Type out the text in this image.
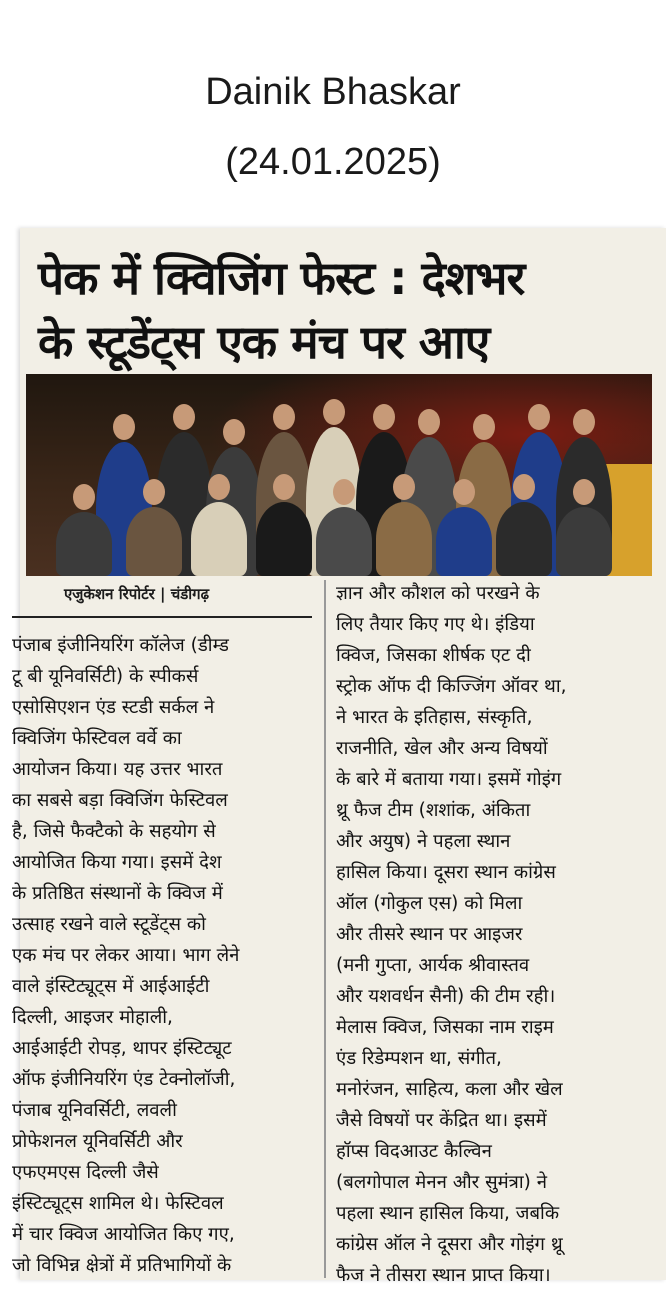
Dainik Bhaskar
(24.01.2025)
पेक में क्विजिंग फेस्ट : देशभर
के स्टूडेंट्स एक मंच पर आए
एजुकेशन रिपोर्टर | चंडीगढ़
पंजाब इंजीनियरिंग कॉलेज (डीम्ड
टू बी यूनिवर्सिटी) के स्पीकर्स
एसोसिएशन एंड स्टडी सर्कल ने
क्विजिंग फेस्टिवल वर्वे का
आयोजन किया। यह उत्तर भारत
का सबसे बड़ा क्विजिंग फेस्टिवल
है, जिसे फैक्टैको के सहयोग से
आयोजित किया गया। इसमें देश
के प्रतिष्ठित संस्थानों के क्विज में
उत्साह रखने वाले स्टूडेंट्स को
एक मंच पर लेकर आया। भाग लेने
वाले इंस्टिट्यूट्स में आईआईटी
दिल्ली, आइजर मोहाली,
आईआईटी रोपड़, थापर इंस्टिट्यूट
ऑफ इंजीनियरिंग एंड टेक्नोलॉजी,
पंजाब यूनिवर्सिटी, लवली
प्रोफेशनल यूनिवर्सिटी और
एफएमएस दिल्ली जैसे
इंस्टिट्यूट्स शामिल थे। फेस्टिवल
में चार क्विज आयोजित किए गए,
जो विभिन्न क्षेत्रों में प्रतिभागियों के
ज्ञान और कौशल को परखने के
लिए तैयार किए गए थे। इंडिया
क्विज, जिसका शीर्षक एट दी
स्ट्रोक ऑफ दी किज्जिंग ऑवर था,
ने भारत के इतिहास, संस्कृति,
राजनीति, खेल और अन्य विषयों
के बारे में बताया गया। इसमें गोइंग
थ्रू फैज टीम (शशांक, अंकिता
और अयुष) ने पहला स्थान
हासिल किया। दूसरा स्थान कांग्रेस
ऑल (गोकुल एस) को मिला
और तीसरे स्थान पर आइजर
(मनी गुप्ता, आर्यक श्रीवास्तव
और यशवर्धन सैनी) की टीम रही।
मेलास क्विज, जिसका नाम राइम
एंड रिडेम्पशन था, संगीत,
मनोरंजन, साहित्य, कला और खेल
जैसे विषयों पर केंद्रित था। इसमें
हॉप्स विदआउट कैल्विन
(बलगोपाल मेनन और सुमंत्रा) ने
पहला स्थान हासिल किया, जबकि
कांग्रेस ऑल ने दूसरा और गोइंग थ्रू
फैज ने तीसरा स्थान प्राप्त किया।
